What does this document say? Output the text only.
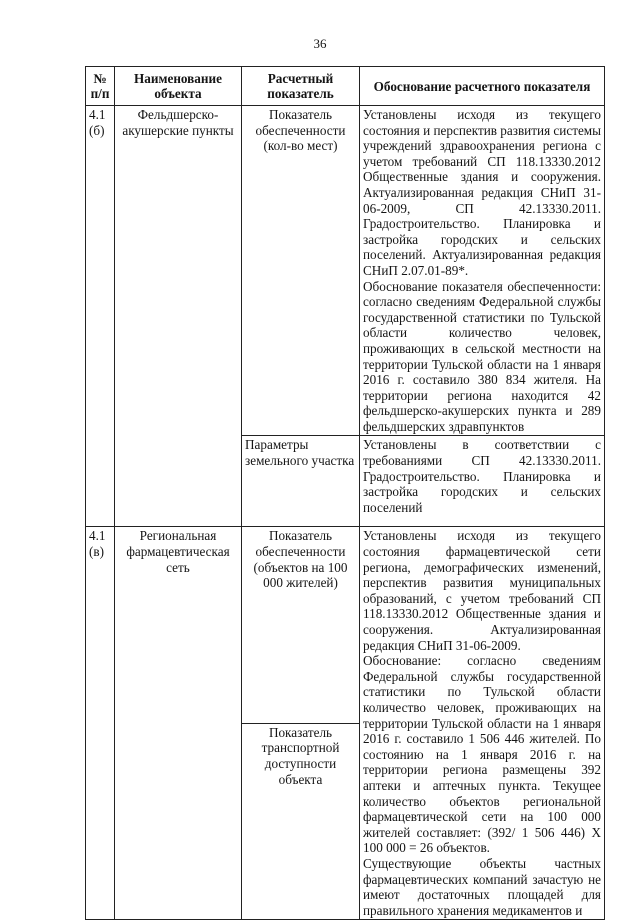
36
№ п/п	Наименование объекта	Расчетный показатель	Обоснование расчетного показателя
4.1 (б)	Фельдшерско-акушерские пункты	Показатель обеспеченности (кол-во мест)	Установлены исходя из текущего состояния и перспектив развития системы учреждений здравоохранения региона с учетом требований СП 118.13330.2012 Общественные здания и сооружения. Актуализированная редакция СНиП 31-06-2009, СП 42.13330.2011. Градостроительство. Планировка и застройка городских и сельских поселений. Актуализированная редакция СНиП 2.07.01-89*.

Обоснование показателя обеспеченности: согласно сведениям Федеральной службы государственной статистики по Тульской области количество человек, проживающих в сельской местности на территории Тульской области на 1 января 2016 г. составило 380 834 жителя. На территории региона находится 42 фельдшерско-акушерских пункта и 289 фельдшерских здравпунктов

		Параметры земельного участка	Установлены в соответствии с требованиями СП 42.13330.2011. Градостроительство. Планировка и застройка городских и сельских поселений

4.1 (в)	Региональная фармацевтическая сеть	Показатель обеспеченности (объектов на 100 000 жителей)	Установлены исходя из текущего состояния фармацевтической сети региона, демографических изменений, перспектив развития муниципальных образований, с учетом требований СП 118.13330.2012 Общественные здания и сооружения. Актуализированная редакция СНиП 31-06-2009.

Обоснование: согласно сведениям Федеральной службы государственной статистики по Тульской области количество человек, проживающих на территории Тульской области на 1 января 2016 г. составило 1 506 446 жителей. По состоянию на 1 января 2016 г. на территории региона размещены 392 аптеки и аптечных пункта. Текущее количество объектов региональной фармацевтической сети на 100 000 жителей составляет: (392/ 1 506 446) Х 100 000 = 26 объектов.

Существующие объекты частных фармацевтических компаний зачастую не имеют достаточных площадей для правильного хранения медикаментов и

		Показатель транспортной доступности объекта	
